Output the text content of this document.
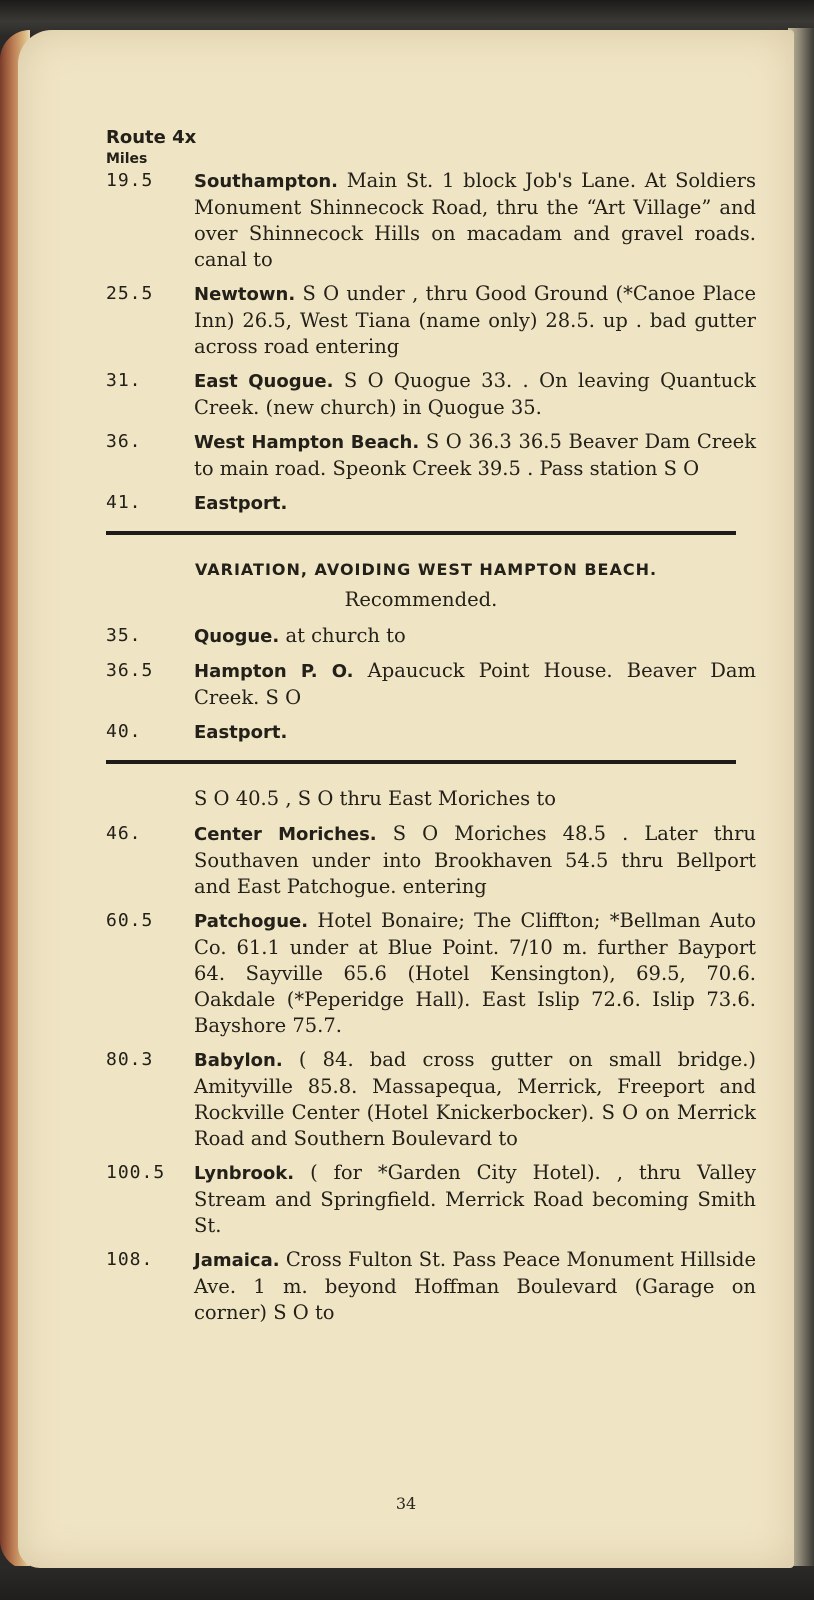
Route 4x
Miles
19.5	Southampton. Main St. 1 block Job's Lane. At Soldiers Monument Shinnecock Road, thru the “Art Village” and over Shinnecock Hills on macadam and gravel roads. canal to
25.5	Newtown. S O under , thru Good Ground (*Canoe Place Inn) 26.5, West Tiana (name only) 28.5. up . bad gutter across road entering
31.	East Quogue. S O Quogue 33. . On leaving Quantuck Creek. (new church) in Quogue 35.
36.	West Hampton Beach. S O 36.3 36.5 Beaver Dam Creek to main road. Speonk Creek 39.5 . Pass station S O
41.	Eastport.
VARIATION, AVOIDING WEST HAMPTON BEACH.
Recommended.
35.	Quogue. at church to
36.5	Hampton P. O. Apaucuck Point House. Beaver Dam Creek. S O
40.	Eastport.
S O 40.5 , S O thru East Moriches to
46.	Center Moriches. S O Moriches 48.5 . Later thru Southaven under into Brookhaven 54.5 thru Bellport and East Patchogue. entering
60.5	Patchogue. Hotel Bonaire; The Cliffton; *Bellman Auto Co. 61.1 under at Blue Point. 7/10 m. further Bayport 64. Sayville 65.6 (Hotel Kensington), 69.5, 70.6. Oakdale (*Peperidge Hall). East Islip 72.6. Islip 73.6. Bayshore 75.7.
80.3	Babylon. ( 84. bad cross gutter on small bridge.) Amityville 85.8. Massapequa, Merrick, Freeport and Rockville Center (Hotel Knickerbocker). S O on Merrick Road and Southern Boulevard to
100.5	Lynbrook. ( for *Garden City Hotel). , thru Valley Stream and Springfield. Merrick Road becoming Smith St.
108.	Jamaica. Cross Fulton St. Pass Peace Monument Hillside Ave. 1 m. beyond Hoffman Boulevard (Garage on corner) S O to
34
